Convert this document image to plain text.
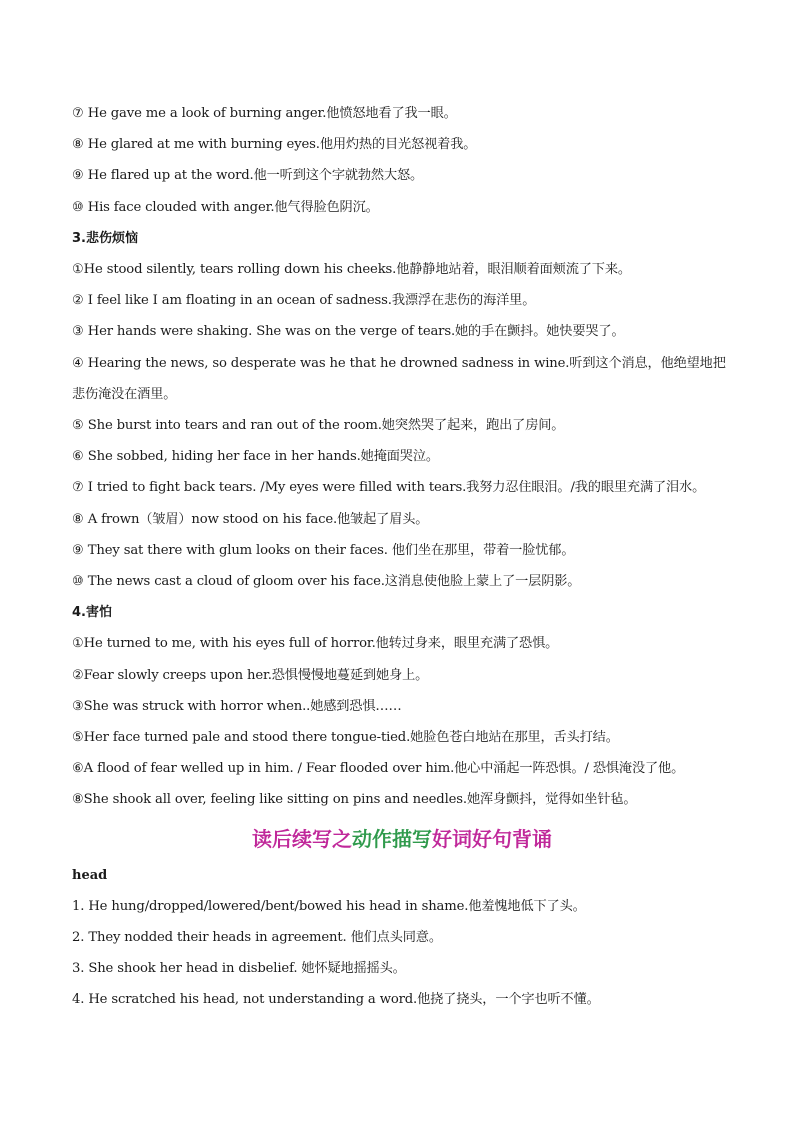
⑦ He gave me a look of burning anger.他愤怒地看了我一眼。
⑧ He glared at me with burning eyes.他用灼热的目光怒视着我。
⑨ He flared up at the word.他一听到这个字就勃然大怒。
⑩ His face clouded with anger.他气得脸色阴沉。
3.悲伤烦恼
①He stood silently, tears rolling down his cheeks.他静静地站着，眼泪顺着面颊流了下来。
② I feel like I am floating in an ocean of sadness.我漂浮在悲伤的海洋里。
③ Her hands were shaking. She was on the verge of tears.她的手在颤抖。她快要哭了。
④ Hearing the news, so desperate was he that he drowned sadness in wine.听到这个消息，他绝望地把悲伤淹没在酒里。
⑤ She burst into tears and ran out of the room.她突然哭了起来，跑出了房间。
⑥ She sobbed, hiding her face in her hands.她掩面哭泣。
⑦ I tried to fight back tears. /My eyes were filled with tears.我努力忍住眼泪。/我的眼里充满了泪水。
⑧ A frown（皱眉）now stood on his face.他皱起了眉头。
⑨ They sat there with glum looks on their faces. 他们坐在那里，带着一脸忧郁。
⑩ The news cast a cloud of gloom over his face.这消息使他脸上蒙上了一层阴影。
4.害怕
①He turned to me, with his eyes full of horror.他转过身来，眼里充满了恐惧。
②Fear slowly creeps upon her.恐惧慢慢地蔓延到她身上。
③She was struck with horror when..她感到恐惧……
⑤Her face turned pale and stood there tongue-tied.她脸色苍白地站在那里，舌头打结。
⑥A flood of fear welled up in him. / Fear flooded over him.他心中涌起一阵恐惧。/ 恐惧淹没了他。
⑧She shook all over, feeling like sitting on pins and needles.她浑身颤抖，觉得如坐针毡。
读后续写之动作描写好词好句背诵
head
1. He hung/dropped/lowered/bent/bowed his head in shame.他羞愧地低下了头。
2. They nodded their heads in agreement. 他们点头同意。
3. She shook her head in disbelief. 她怀疑地摇摇头。
4. He scratched his head, not understanding a word.他挠了挠头，一个字也听不懂。
